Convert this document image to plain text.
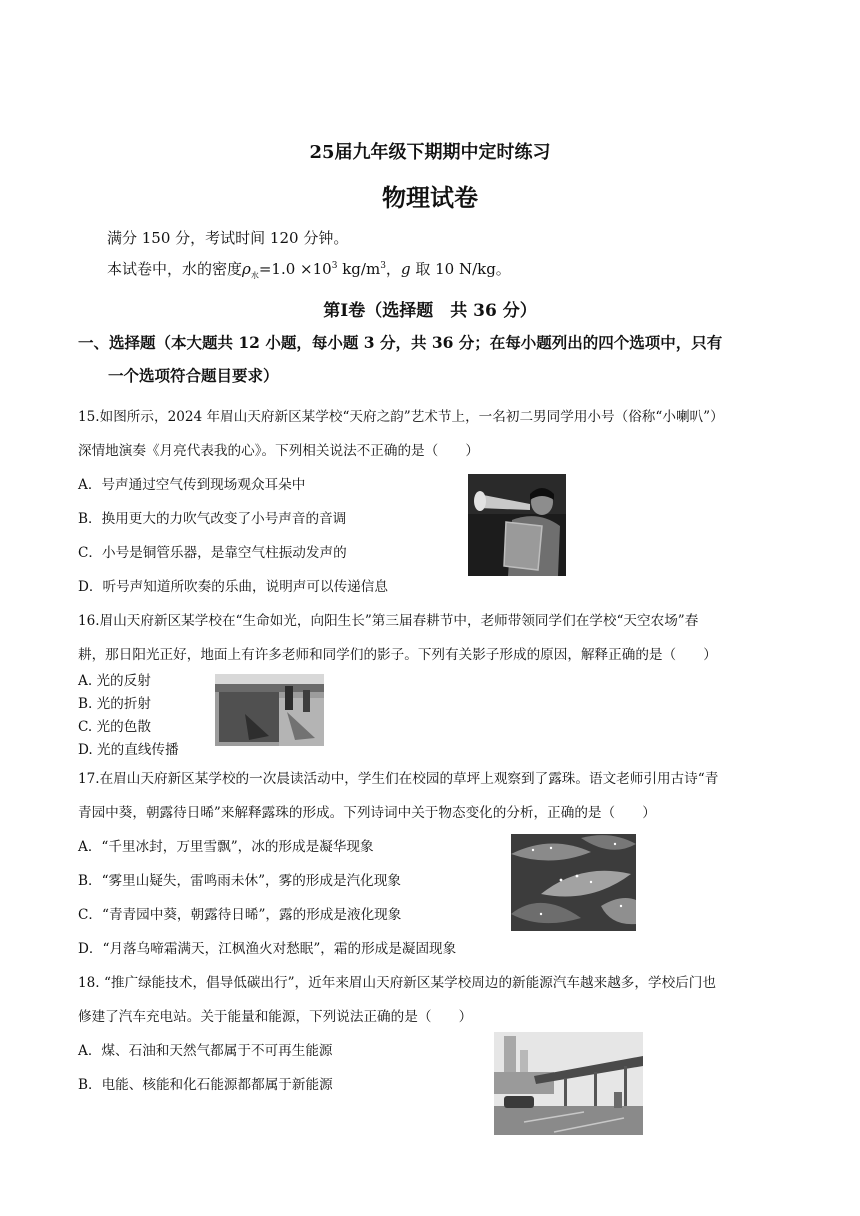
25届九年级下期期中定时练习
物理试卷
满分 150 分，考试时间 120 分钟。
本试卷中，水的密度$\rho_水=1.0 \times 10^3$ $kg/m^3$，g 取 10 N/kg。
第Ⅰ卷（选择题　共 36 分）
一、选择题（本大题共 12 小题，每小题 3 分，共 36 分；在每小题列出的四个选项中，只有
一个选项符合题目要求）
15.如图所示，2024 年眉山天府新区某学校“天府之韵”艺术节上，一名初二男同学用小号（俗称“小喇叭”）
深情地演奏《月亮代表我的心》。下列相关说法不正确的是（　　）
A．号声通过空气传到现场观众耳朵中
B．换用更大的力吹气改变了小号声音的音调
C．小号是铜管乐器，是靠空气柱振动发声的
D．听号声知道所吹奏的乐曲，说明声可以传递信息
16.眉山天府新区某学校在“生命如光，向阳生长”第三届春耕节中，老师带领同学们在学校“天空农场”春
耕，那日阳光正好，地面上有许多老师和同学们的影子。下列有关影子形成的原因，解释正确的是（　　）
A. 光的反射
B. 光的折射
C. 光的色散
D. 光的直线传播
17.在眉山天府新区某学校的一次晨读活动中，学生们在校园的草坪上观察到了露珠。语文老师引用古诗“青
青园中葵，朝露待日晞”来解释露珠的形成。下列诗词中关于物态变化的分析，正确的是（　　）
A．“千里冰封，万里雪飘”，冰的形成是凝华现象
B．“雾里山疑失，雷鸣雨未休”，雾的形成是汽化现象
C．“青青园中葵，朝露待日晞”，露的形成是液化现象
D．“月落乌啼霜满天，江枫渔火对愁眠”，霜的形成是凝固现象
18. “推广绿能技术，倡导低碳出行”，近年来眉山天府新区某学校周边的新能源汽车越来越多，学校后门也
修建了汽车充电站。关于能量和能源，下列说法正确的是（　　）
A．煤、石油和天然气都属于不可再生能源
B．电能、核能和化石能源都都属于新能源
